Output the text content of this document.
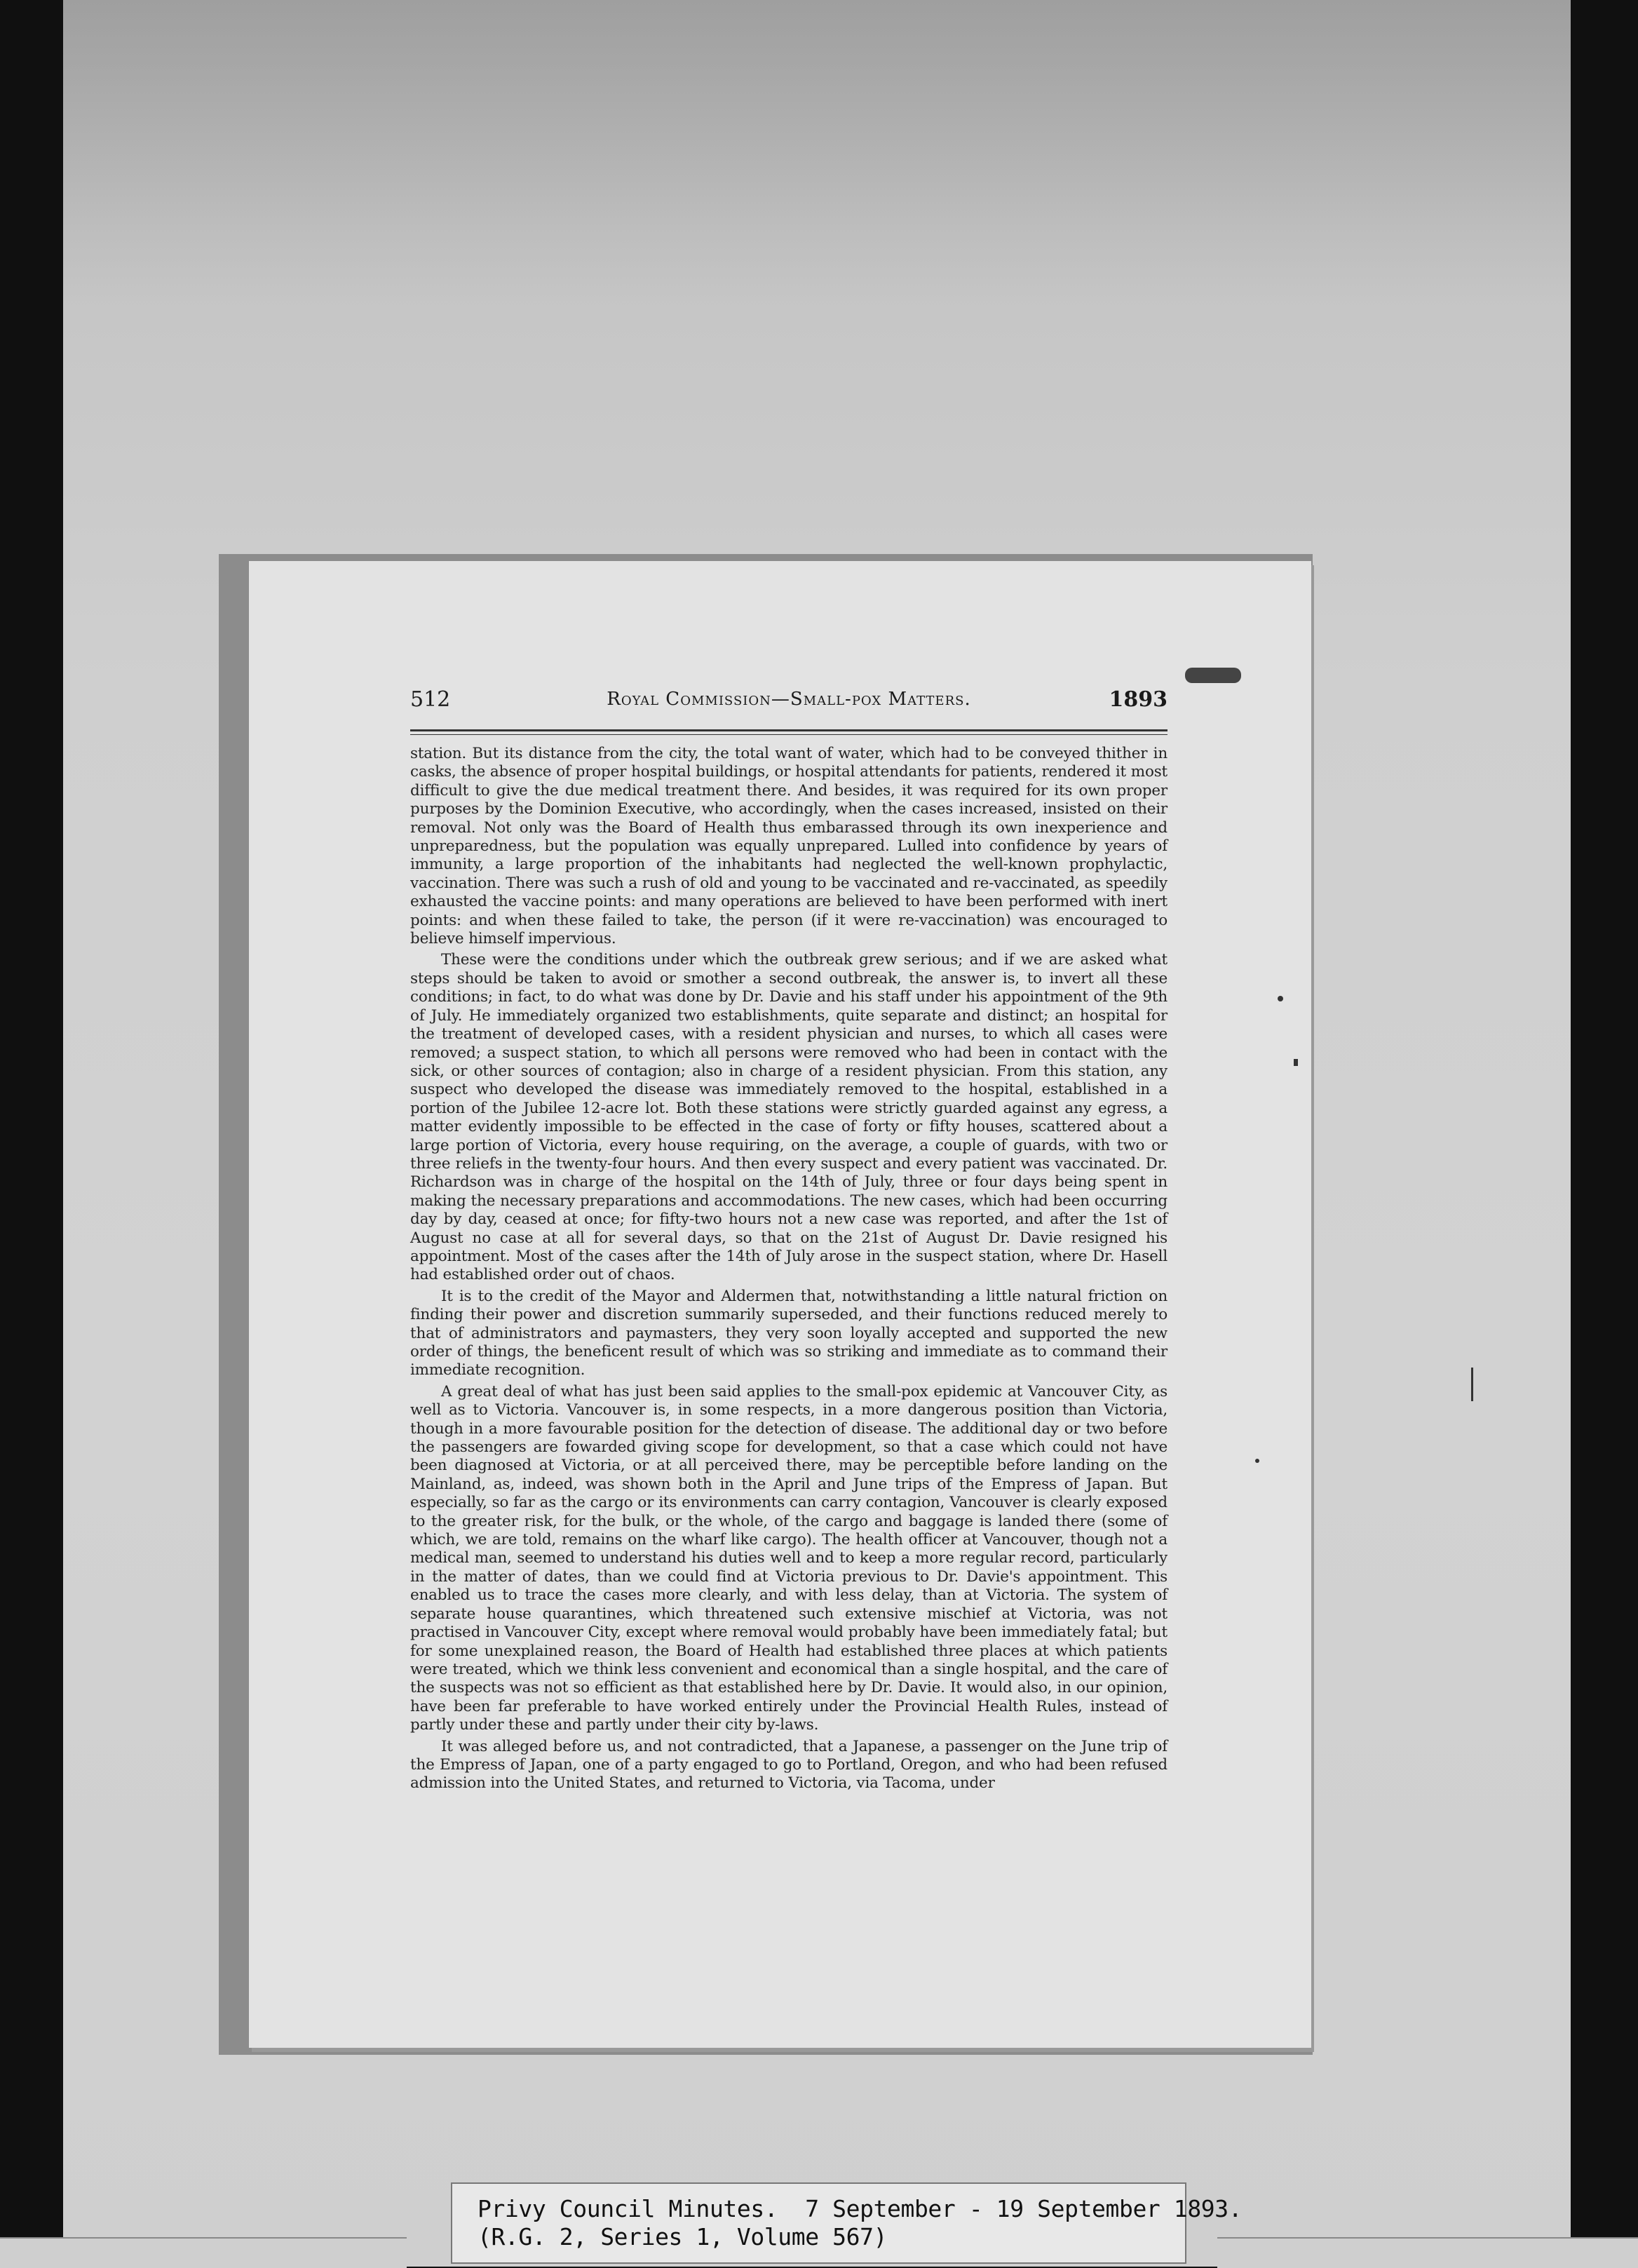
512	Royal Commission—Small-pox Matters.	1893

station. But its distance from the city, the total want of water, which had to be conveyed thither in casks, the absence of proper hospital buildings, or hospital attendants for patients, rendered it most difficult to give the due medical treatment there. And besides, it was required for its own proper purposes by the Dominion Executive, who accordingly, when the cases increased, insisted on their removal. Not only was the Board of Health thus embarassed through its own inexperience and unpreparedness, but the population was equally unprepared. Lulled into confidence by years of immunity, a large proportion of the inhabitants had neglected the well-known prophylactic, vaccination. There was such a rush of old and young to be vaccinated and re-vaccinated, as speedily exhausted the vaccine points: and many operations are believed to have been performed with inert points: and when these failed to take, the person (if it were re-vaccination) was encouraged to believe himself impervious.

These were the conditions under which the outbreak grew serious; and if we are asked what steps should be taken to avoid or smother a second outbreak, the answer is, to invert all these conditions; in fact, to do what was done by Dr. Davie and his staff under his appointment of the 9th of July. He immediately organized two establishments, quite separate and distinct; an hospital for the treatment of developed cases, with a resident physician and nurses, to which all cases were removed; a suspect station, to which all persons were removed who had been in contact with the sick, or other sources of contagion; also in charge of a resident physician. From this station, any suspect who developed the disease was immediately removed to the hospital, established in a portion of the Jubilee 12-acre lot. Both these stations were strictly guarded against any egress, a matter evidently impossible to be effected in the case of forty or fifty houses, scattered about a large portion of Victoria, every house requiring, on the average, a couple of guards, with two or three reliefs in the twenty-four hours. And then every suspect and every patient was vaccinated. Dr. Richardson was in charge of the hospital on the 14th of July, three or four days being spent in making the necessary preparations and accommodations. The new cases, which had been occurring day by day, ceased at once; for fifty-two hours not a new case was reported, and after the 1st of August no case at all for several days, so that on the 21st of August Dr. Davie resigned his appointment. Most of the cases after the 14th of July arose in the suspect station, where Dr. Hasell had established order out of chaos.

It is to the credit of the Mayor and Aldermen that, notwithstanding a little natural friction on finding their power and discretion summarily superseded, and their functions reduced merely to that of administrators and paymasters, they very soon loyally accepted and supported the new order of things, the beneficent result of which was so striking and immediate as to command their immediate recognition.

A great deal of what has just been said applies to the small-pox epidemic at Vancouver City, as well as to Victoria. Vancouver is, in some respects, in a more dangerous position than Victoria, though in a more favourable position for the detection of disease. The additional day or two before the passengers are fowarded giving scope for development, so that a case which could not have been diagnosed at Victoria, or at all perceived there, may be perceptible before landing on the Mainland, as, indeed, was shown both in the April and June trips of the Empress of Japan. But especially, so far as the cargo or its environments can carry contagion, Vancouver is clearly exposed to the greater risk, for the bulk, or the whole, of the cargo and baggage is landed there (some of which, we are told, remains on the wharf like cargo). The health officer at Vancouver, though not a medical man, seemed to understand his duties well and to keep a more regular record, particularly in the matter of dates, than we could find at Victoria previous to Dr. Davie's appointment. This enabled us to trace the cases more clearly, and with less delay, than at Victoria. The system of separate house quarantines, which threatened such extensive mischief at Victoria, was not practised in Vancouver City, except where removal would probably have been immediately fatal; but for some unexplained reason, the Board of Health had established three places at which patients were treated, which we think less convenient and economical than a single hospital, and the care of the suspects was not so efficient as that established here by Dr. Davie. It would also, in our opinion, have been far preferable to have worked entirely under the Provincial Health Rules, instead of partly under these and partly under their city by-laws.

It was alleged before us, and not contradicted, that a Japanese, a passenger on the June trip of the Empress of Japan, one of a party engaged to go to Portland, Oregon, and who had been refused admission into the United States, and returned to Victoria, via Tacoma, under

Privy Council Minutes.  7 September - 19 September 1893.
(R.G. 2, Series 1, Volume 567)
